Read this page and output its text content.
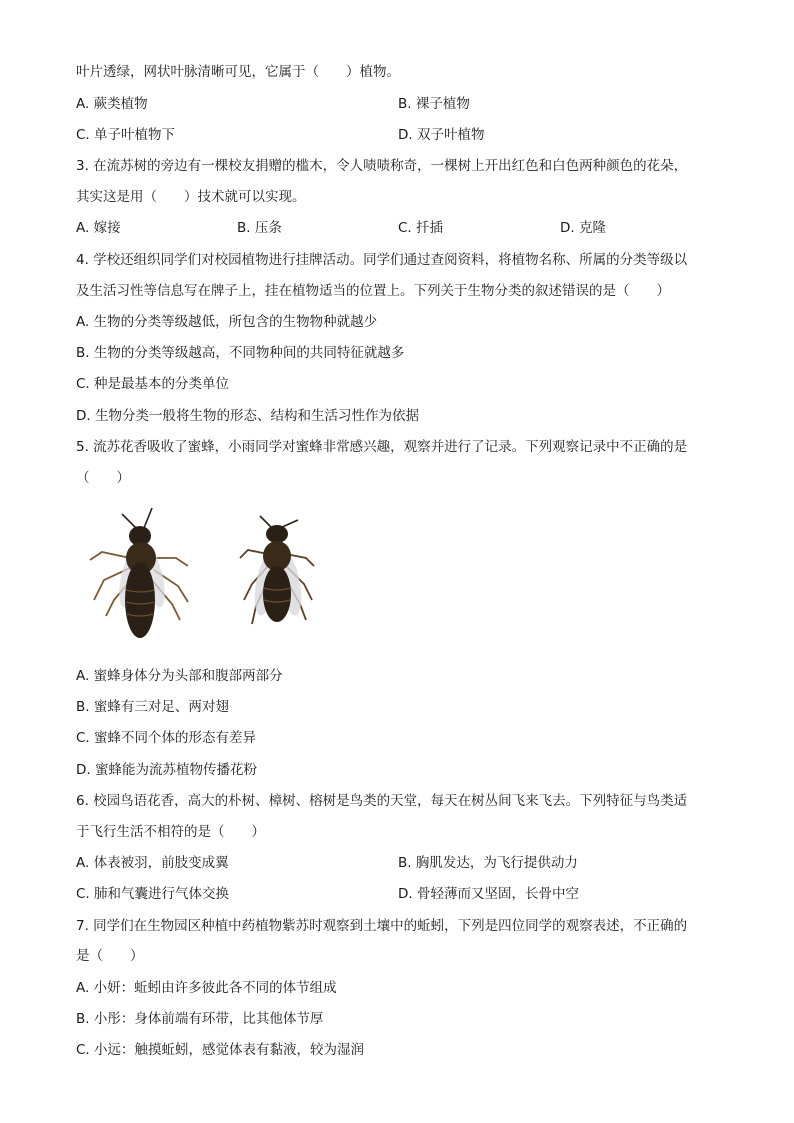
叶片透绿，网状叶脉清晰可见，它属于（　　）植物。
A. 蕨类植物	B. 裸子植物
C. 单子叶植物下	D. 双子叶植物
3. 在流苏树的旁边有一棵校友捐赠的槛木，令人啧啧称奇，一棵树上开出红色和白色两种颜色的花朵，
其实这是用（　　）技术就可以实现。
A. 嫁接	B. 压条	C. 扦插	D. 克隆
4. 学校还组织同学们对校园植物进行挂牌活动。同学们通过查阅资料，将植物名称、所属的分类等级以
及生活习性等信息写在牌子上，挂在植物适当的位置上。下列关于生物分类的叙述错误的是（　　）
A. 生物的分类等级越低，所包含的生物物种就越少
B. 生物的分类等级越高，不同物种间的共同特征就越多
C. 种是最基本的分类单位
D. 生物分类一般将生物的形态、结构和生活习性作为依据
5. 流苏花香吸收了蜜蜂，小雨同学对蜜蜂非常感兴趣，观察并进行了记录。下列观察记录中不正确的是
（　　）
A. 蜜蜂身体分为头部和腹部两部分
B. 蜜蜂有三对足、两对翅
C. 蜜蜂不同个体的形态有差异
D. 蜜蜂能为流苏植物传播花粉
6. 校园鸟语花香，高大的朴树、樟树、榕树是鸟类的天堂，每天在树丛间飞来飞去。下列特征与鸟类适
于飞行生活不相符的是（　　）
A. 体表被羽，前肢变成翼	B. 胸肌发达，为飞行提供动力
C. 肺和气囊进行气体交换	D. 骨轻薄而又坚固，长骨中空
7. 同学们在生物园区种植中药植物紫苏时观察到土壤中的蚯蚓，下列是四位同学的观察表述，不正确的
是（　　）
A. 小妍：蚯蚓由许多彼此各不同的体节组成
B. 小彤：身体前端有环带，比其他体节厚
C. 小远：触摸蚯蚓，感觉体表有黏液，较为湿润
